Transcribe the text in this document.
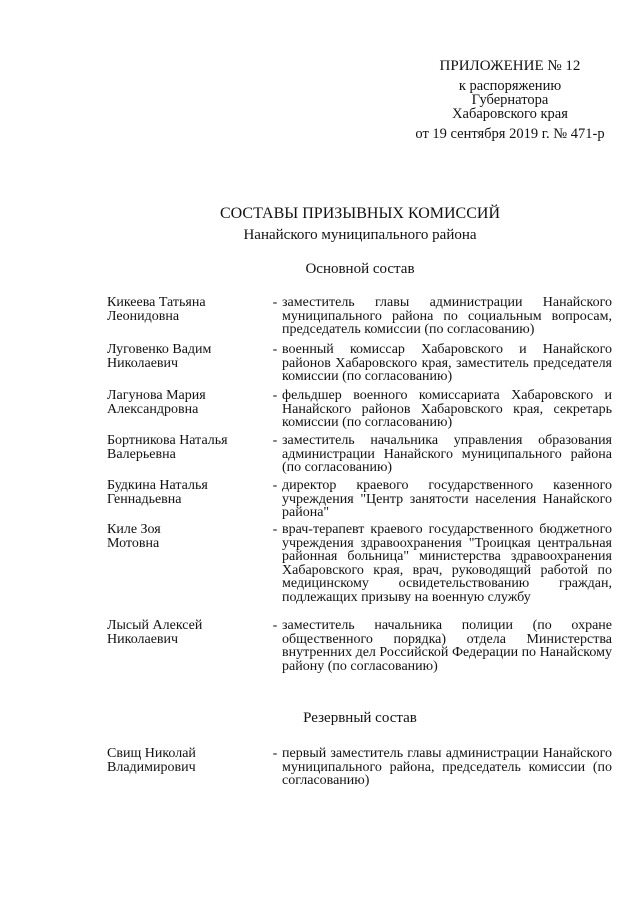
ПРИЛОЖЕНИЕ № 12
к распоряжению
Губернатора
Хабаровского края
от 19 сентября 2019 г. № 471-р
СОСТАВЫ ПРИЗЫВНЫХ КОМИССИЙ
Нанайского муниципального района
Основной состав
Кикеева Татьяна
Леонидовна
- заместитель главы администрации Нанайского муниципального района по социальным вопросам, председатель комиссии (по согласованию)
Луговенко Вадим
Николаевич
- военный комиссар Хабаровского и Нанайского районов Хабаровского края, заместитель председателя комиссии (по согласованию)
Лагунова Мария
Александровна
- фельдшер военного комиссариата Хабаровского и Нанайского районов Хабаровского края, секретарь комиссии (по согласованию)
Бортникова Наталья
Валерьевна
- заместитель начальника управления образования администрации Нанайского муниципального района (по согласованию)
Будкина Наталья
Геннадьевна
- директор краевого государственного казенного учреждения "Центр занятости населения Нанайского района"
Киле Зоя
Мотовна
- врач-терапевт краевого государственного бюджетного учреждения здравоохранения "Троицкая центральная районная больница" министерства здравоохранения Хабаровского края, врач, руководящий работой по медицинскому освидетельствованию граждан, подлежащих призыву на военную службу
Лысый Алексей
Николаевич
- заместитель начальника полиции (по охране общественного порядка) отдела Министерства внутренних дел Российской Федерации по Нанайскому району (по согласованию)
Резервный состав
Свищ Николай
Владимирович
- первый заместитель главы администрации Нанайского муниципального района, председатель комиссии (по согласованию)
